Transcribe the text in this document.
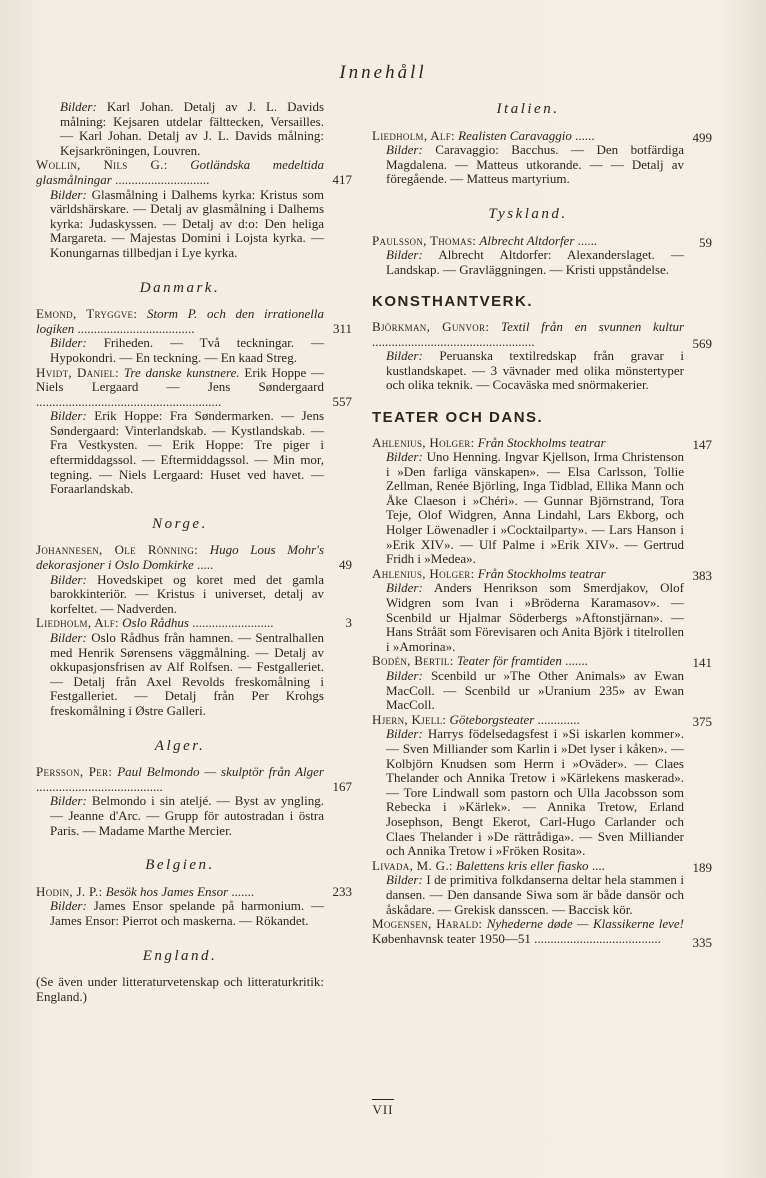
Innehåll

Bilder: Karl Johan. Detalj av J. L. Davids målning: Kejsaren utdelar fälttecken, Versailles. — Karl Johan. Detalj av J. L. Davids målning: Kejsarkröningen, Louvren.

Wollin, Nils G.: Gotländska medeltida glasmålningar .............................	417

Bilder: Glasmålning i Dalhems kyrka: Kristus som världshärskare. — Detalj av glasmålning i Dalhems kyrka: Judaskyssen. — Detalj av d:o: Den heliga Margareta. — Majestas Domini i Lojsta kyrka. — Konungarnas tillbedjan i Lye kyrka.

Danmark.

Emond, Tryggve: Storm P. och den irrationella logiken ....................................	311

Bilder: Friheden. — Två teckningar. — Hypokondri. — En teckning. — En kaad Streg.

Hvidt, Daniel: Tre danske kunstnere. Erik Hoppe — Niels Lergaard — Jens Søndergaard .........................................................	557

Bilder: Erik Hoppe: Fra Søndermarken. — Jens Søndergaard: Vinterlandskab. — Kystlandskab. — Fra Vestkysten. — Erik Hoppe: Tre piger i eftermiddagssol. — Eftermiddagssol. — Min mor, tegning. — Niels Lergaard: Huset ved havet. — Foraarlandskab.

Norge.

Johannesen, Ole Rönning: Hugo Lous Mohr's dekorasjoner i Oslo Domkirke .....	49

Bilder: Hovedskipet og koret med det gamla barokkinteriör. — Kristus i universet, detalj av korfeltet. — Nadverden.

Liedholm, Alf: Oslo Rådhus .........................	3

Bilder: Oslo Rådhus från hamnen. — Sentralhallen med Henrik Sørensens väggmålning. — Detalj av okkupasjonsfrisen av Alf Rolfsen. — Festgalleriet. — Detalj från Axel Revolds freskomålning i Festgalleriet. — Detalj från Per Krohgs freskomålning i Østre Galleri.

Alger.

Persson, Per: Paul Belmondo — skulptör från Alger .......................................	167

Bilder: Belmondo i sin ateljé. — Byst av yngling. — Jeanne d'Arc. — Grupp för autostradan i östra Paris. — Madame Marthe Mercier.

Belgien.

Hodin, J. P.: Besök hos James Ensor .......	233

Bilder: James Ensor spelande på harmonium. — James Ensor: Pierrot och maskerna. — Rökandet.

England.

(Se även under litteraturvetenskap och litteraturkritik: England.)

Italien.

Liedholm, Alf: Realisten Caravaggio ......	499

Bilder: Caravaggio: Bacchus. — Den botfärdiga Magdalena. — Matteus utkorande. — — Detalj av föregående. — Matteus martyrium.

Tyskland.

Paulsson, Thomas: Albrecht Altdorfer ......	59

Bilder: Albrecht Altdorfer: Alexanderslaget. — Landskap. — Gravläggningen. — Kristi uppståndelse.

KONSTHANTVERK.

Björkman, Gunvor: Textil från en svunnen kultur ..................................................	569

Bilder: Peruanska textilredskap från gravar i kustlandskapet. — 3 vävnader med olika mönstertyper och olika teknik. — Cocaväska med snörmakerier.

TEATER OCH DANS.

Ahlenius, Holger: Från Stockholms teatrar	147

Bilder: Uno Henning. Ingvar Kjellson, Irma Christenson i »Den farliga vänskapen». — Elsa Carlsson, Tollie Zellman, Renée Björling, Inga Tidblad, Ellika Mann och Åke Claeson i »Chéri». — Gunnar Björnstrand, Tora Teje, Olof Widgren, Anna Lindahl, Lars Ekborg, och Holger Löwenadler i »Cocktailparty». — Lars Hanson i »Erik XIV». — Ulf Palme i »Erik XIV». — Gertrud Fridh i »Medea».

Ahlenius, Holger: Från Stockholms teatrar	383

Bilder: Anders Henrikson som Smerdjakov, Olof Widgren som Ivan i »Bröderna Karamasov». — Scenbild ur Hjalmar Söderbergs »Aftonstjärnan». — Hans Stråät som Förevisaren och Anita Björk i titelrollen i »Amorina».

Bodén, Bertil: Teater för framtiden .......	141

Bilder: Scenbild ur »The Other Animals» av Ewan MacColl. — Scenbild ur »Uranium 235» av Ewan MacColl.

Hjern, Kjell: Göteborgsteater .............	375

Bilder: Harrys födelsedagsfest i »Si iskarlen kommer». — Sven Milliander som Karlin i »Det lyser i kåken». — Kolbjörn Knudsen som Herrn i »Oväder». — Claes Thelander och Annika Tretow i »Kärlekens maskerad». — Tore Lindwall som pastorn och Ulla Jacobsson som Rebecka i »Kärlek». — Annika Tretow, Erland Josephson, Bengt Ekerot, Carl-Hugo Carlander och Claes Thelander i »De rättrådiga». — Sven Milliander och Annika Tretow i »Fröken Rosita».

Livada, M. G.: Balettens kris eller fiasko ....	189

Bilder: I de primitiva folkdanserna deltar hela stammen i dansen. — Den dansande Siwa som är både dansör och åskådare. — Grekisk dansscen. — Baccisk kör.

Mogensen, Harald: Nyhederne døde — Klassikerne leve! Københavnsk teater 1950—51 .......................................	335
VII
